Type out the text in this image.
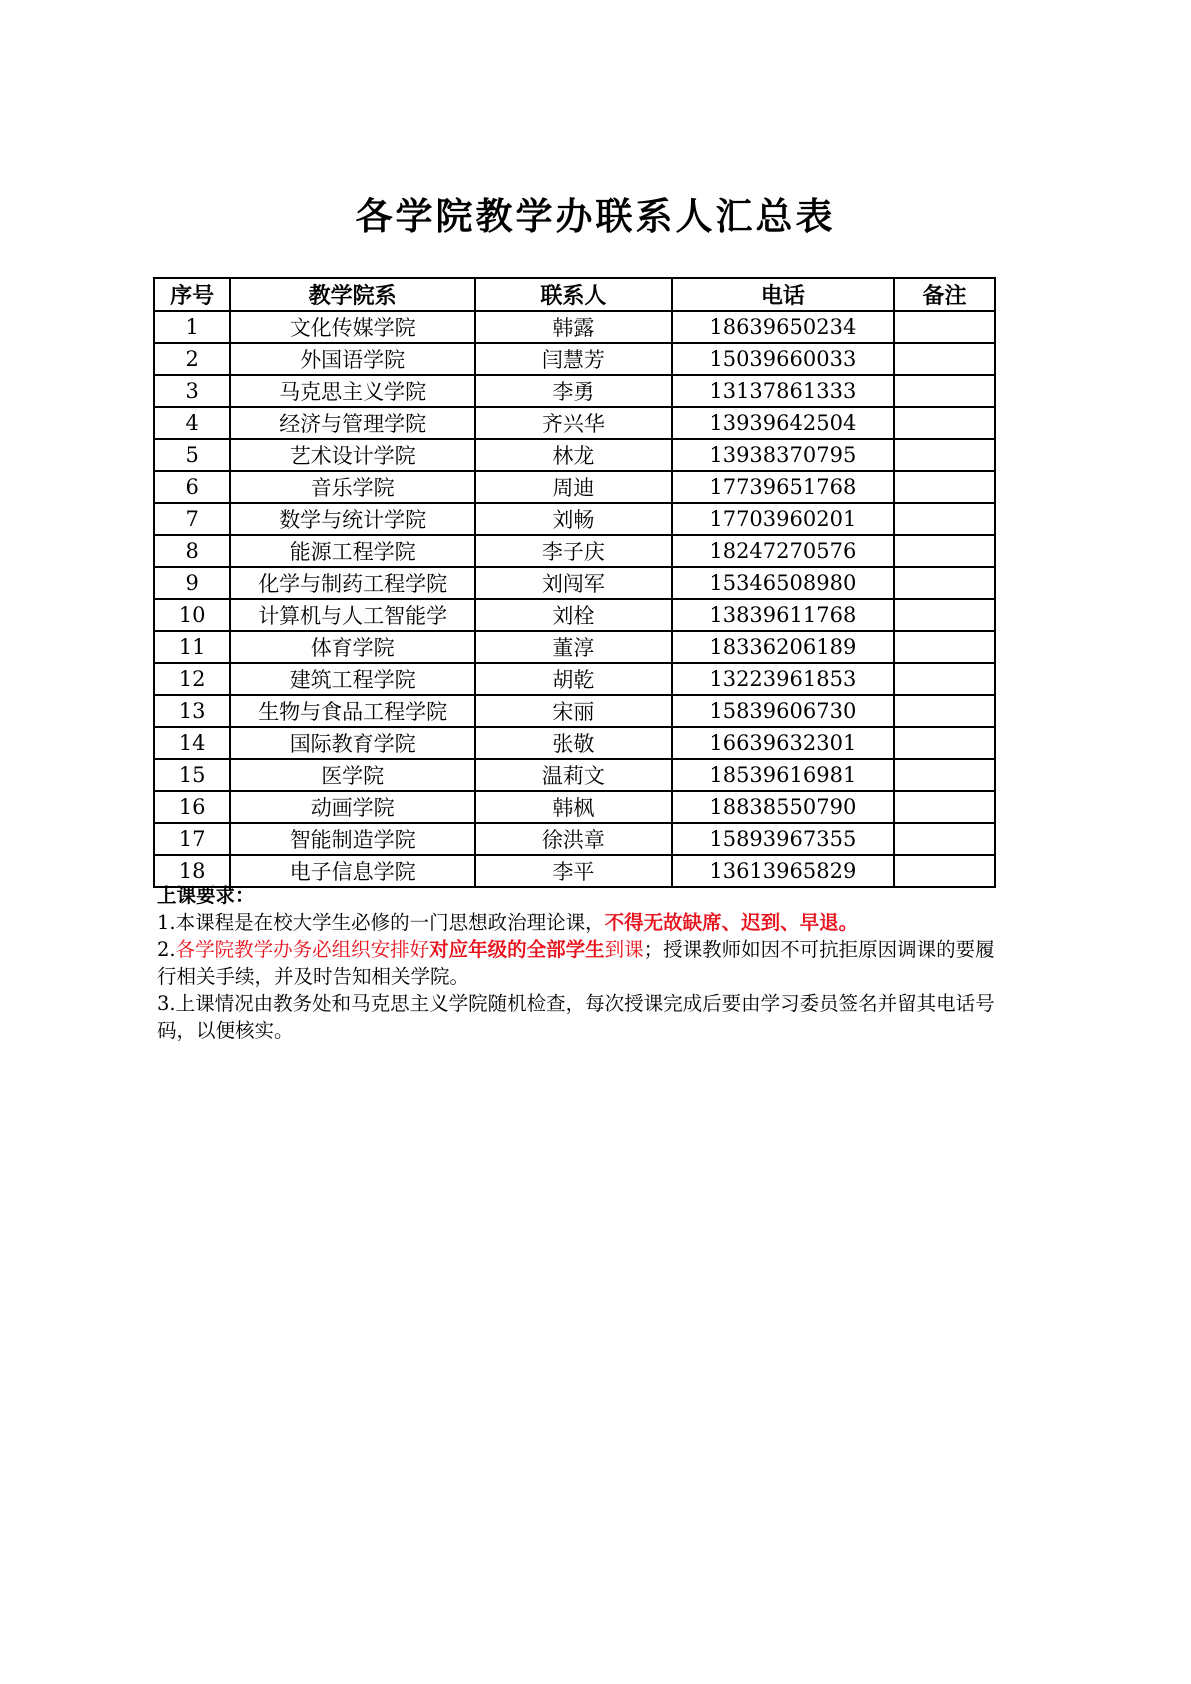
各学院教学办联系人汇总表
序号	教学院系	联系人	电话	备注
1	文化传媒学院	韩露	18639650234	
2	外国语学院	闫慧芳	15039660033	
3	马克思主义学院	李勇	13137861333	
4	经济与管理学院	齐兴华	13939642504	
5	艺术设计学院	林龙	13938370795	
6	音乐学院	周迪	17739651768	
7	数学与统计学院	刘畅	17703960201	
8	能源工程学院	李子庆	18247270576	
9	化学与制药工程学院	刘闯军	15346508980	
10	计算机与人工智能学	刘栓	13839611768	
11	体育学院	董淳	18336206189	
12	建筑工程学院	胡乾	13223961853	
13	生物与食品工程学院	宋丽	15839606730	
14	国际教育学院	张敬	16639632301	
15	医学院	温莉文	18539616981	
16	动画学院	韩枫	18838550790	
17	智能制造学院	徐洪章	15893967355	
18	电子信息学院	李平	13613965829	

上课要求：

1.本课程是在校大学生必修的一门思想政治理论课，不得无故缺席、迟到、早退。

2.各学院教学办务必组织安排好对应年级的全部学生到课；授课教师如因不可抗拒原因调课的要履行相关手续，并及时告知相关学院。

3.上课情况由教务处和马克思主义学院随机检查，每次授课完成后要由学习委员签名并留其电话号码，以便核实。
